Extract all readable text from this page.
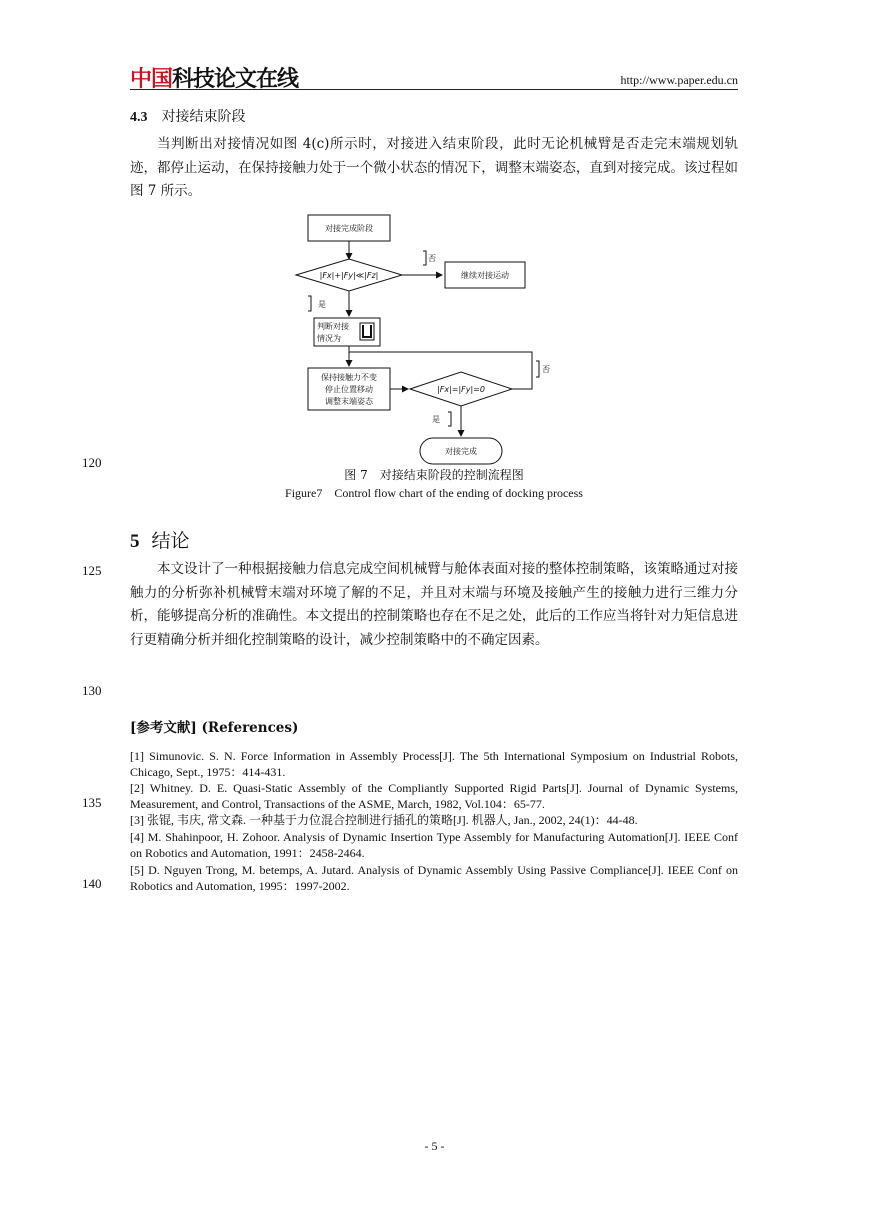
中国科技论文在线	http://www.paper.edu.cn
4.3 对接结束阶段
当判断出对接情况如图 4(c)所示时，对接进入结束阶段，此时无论机械臂是否走完末端规划轨迹，都停止运动，在保持接触力处于一个微小状态的情况下，调整末端姿态，直到对接完成。该过程如图 7 所示。
对接完成阶段
|Fx|+|Fy|≪|Fz|
否
继续对接运动
是
判断对接
情况为
保持接触力不变
停止位置移动
调整末端姿态
|Fx|=|Fy|=0
否
是
对接完成
图 7　对接结束阶段的控制流程图
Figure7　Control flow chart of the ending of docking process
5 结论
本文设计了一种根据接触力信息完成空间机械臂与舱体表面对接的整体控制策略，该策略通过对接触力的分析弥补机械臂末端对环境了解的不足，并且对末端与环境及接触产生的接触力进行三维力分析，能够提高分析的准确性。本文提出的控制策略也存在不足之处，此后的工作应当将针对力矩信息进行更精确分析并细化控制策略的设计，减少控制策略中的不确定因素。
[参考文献] (References)
[1] Simunovic. S. N. Force Information in Assembly Process[J]. The 5th International Symposium on Industrial Robots, Chicago, Sept., 1975：414-431.
[2] Whitney. D. E. Quasi-Static Assembly of the Compliantly Supported Rigid Parts[J]. Journal of Dynamic Systems, Measurement, and Control, Transactions of the ASME, March, 1982, Vol.104：65-77.
[3] 张锟, 韦庆, 常文森. 一种基于力位混合控制进行插孔的策略[J]. 机器人, Jan., 2002, 24(1)：44-48.
[4] M. Shahinpoor, H. Zohoor. Analysis of Dynamic Insertion Type Assembly for Manufacturing Automation[J]. IEEE Conf on Robotics and Automation, 1991：2458-2464.
[5] D. Nguyen Trong, M. betemps, A. Jutard. Analysis of Dynamic Assembly Using Passive Compliance[J]. IEEE Conf on Robotics and Automation, 1995：1997-2002.
120
125
130
135
140
- 5 -
